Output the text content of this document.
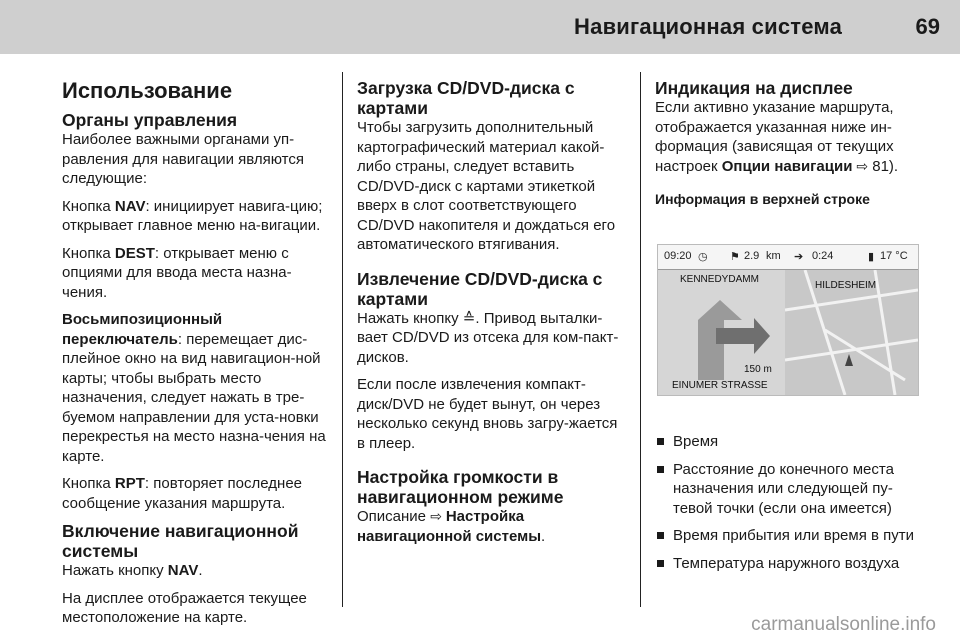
Навигационная система	69
Использование
Органы управления

Наиболее важными органами уп-равления для навигации являются следующие:

Кнопка NAV: инициирует навига-цию; открывает главное меню на-вигации.

Кнопка DEST: открывает меню с опциями для ввода места назна-чения.

Восьмипозиционный переключатель: перемещает дис-плейное окно на вид навигацион-ной карты; чтобы выбрать место назначения, следует нажать в тре-буемом направлении для уста-новки перекрестья на место назна-чения на карте.

Кнопка RPT: повторяет последнее сообщение указания маршрута.

Включение навигационной системы

Нажать кнопку NAV.

На дисплее отображается текущее местоположение на карте.

Загрузка CD/DVD-диска с картами

Чтобы загрузить дополнительный картографический материал какой-либо страны, следует вставить CD/DVD-диск с картами этикеткой вверх в слот соответствующего CD/DVD накопителя и дождаться его автоматического втягивания.

Извлечение CD/DVD-диска с картами

Нажать кнопку ≙. Привод выталки-вает CD/DVD из отсека для ком-пакт-дисков.

Если после извлечения компакт-диск/DVD не будет вынут, он через несколько секунд вновь загру-жается в плеер.

Настройка громкости в навигационном режиме

Описание ⇨ Настройка навигационной системы.

Индикация на дисплее

Если активно указание маршрута, отображается указанная ниже ин-формация (зависящая от текущих настроек Опции навигации ⇨ 81).

Информация в верхней строке
09:20 ◷ ⚑ 2.9 km ➔ 0:24	▮ 17 °C
KENNEDYDAMM
150 m
EINUMER STRASSE
HILDESHEIM
Время
Расстояние до конечного места назначения или следующей пу-тевой точки (если она имеется)
Время прибытия или время в пути
Температура наружного воздуха
carmanualsonline.info
